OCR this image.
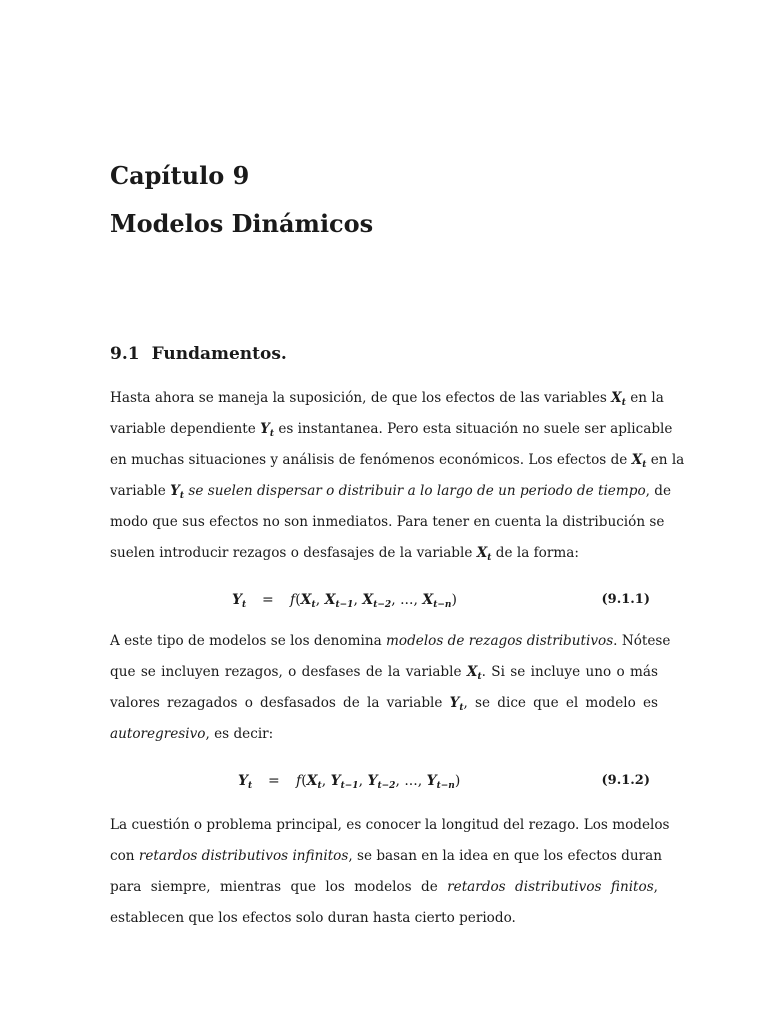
Capítulo 9
Modelos Dinámicos
9.1 Fundamentos.
Hasta ahora se maneja la suposición, de que los efectos de las variables $X_t$ en la
variable dependiente $Y_t$ es instantanea. Pero esta situación no suele ser aplicable
en muchas situaciones y análisis de fenómenos económicos. Los efectos de $X_t$ en la
variable $Y_t$ se suelen dispersar o distribuir a lo largo de un periodo de tiempo, de
modo que sus efectos no son inmediatos. Para tener en cuenta la distribución se
suelen introducir rezagos o desfasajes de la variable $X_t$ de la forma:
$Y_t = f(X_t$, $X_{t-1}$, $X_{t-2}$, ..., $X_{t-n}$)	(9.1.1)
A este tipo de modelos se los denomina modelos de rezagos distributivos. Nótese
que se incluyen rezagos, o desfases de la variable $X_t$. Si se incluye uno o más
valores rezagados o desfasados de la variable $Y_t$, se dice que el modelo es
autoregresivo, es decir:
$Y_t = f(X_t$, $Y_{t-1}$, $Y_{t-2}$, ..., $Y_{t-n}$)	(9.1.2)
La cuestión o problema principal, es conocer la longitud del rezago. Los modelos
con retardos distributivos infinitos, se basan en la idea en que los efectos duran
para siempre, mientras que los modelos de retardos distributivos finitos,
establecen que los efectos solo duran hasta cierto periodo.
